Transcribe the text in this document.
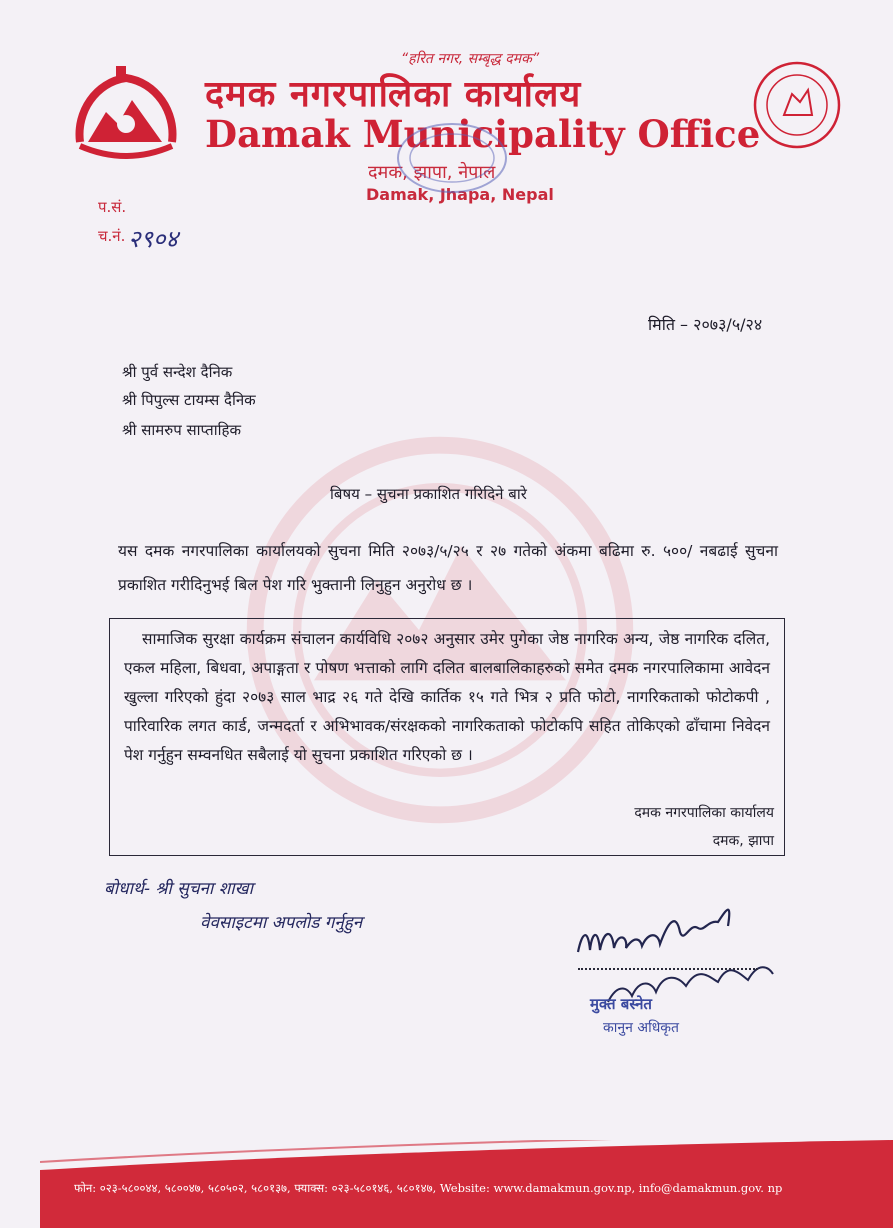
“हरित नगर, सम्बृद्ध दमक”
दमक नगरपालिका कार्यालय
Damak Municipality Office
दमक, झापा, नेपाल
Damak, Jhapa, Nepal
प.सं.
च.नं. २९०४
मिति – २०७३/५/२४
श्री पुर्व सन्देश दैनिक
श्री पिपुल्स टायम्स दैनिक
श्री सामरुप साप्ताहिक
बिषय – सुचना प्रकाशित गरिदिने बारे
यस दमक नगरपालिका कार्यालयको सुचना मिति २०७३/५/२५ र २७ गतेको अंकमा बढिमा रु. ५००/ नबढाई सुचना प्रकाशित गरीदिनुभई बिल पेश गरि भुक्तानी लिनुहुन अनुरोध छ ।
सामाजिक सुरक्षा कार्यक्रम संचालन कार्यविधि २०७२ अनुसार उमेर पुगेका जेष्ठ नागरिक अन्य, जेष्ठ नागरिक दलित, एकल महिला, बिधवा, अपाङ्गता र पोषण भत्ताको लागि दलित बालबालिकाहरुको समेत दमक नगरपालिकामा आवेदन खुल्ला गरिएको हुंदा २०७३ साल भाद्र २६ गते देखि कार्तिक १५ गते भित्र २ प्रति फोटो, नागरिकताको फोटोकपी , पारिवारिक लगत कार्ड, जन्मदर्ता र अभिभावक/संरक्षकको नागरिकताको फोटोकपि सहित तोकिएको ढाँचामा निवेदन पेश गर्नुहुन सम्वनधित सबैलाई यो सुचना प्रकाशित गरिएको छ ।
दमक नगरपालिका कार्यालय
दमक, झापा
बोधार्थ- श्री सुचना शाखा
वेवसाइटमा अपलोड गर्नुहुन
मुक्त बस्नेत
कानुन अधिकृत
फोन: ०२३-५८००४४, ५८००४७, ५८०५०२, ५८०१३७, फ्याक्स: ०२३-५८०१४६, ५८०१४७, Website: www.damakmun.gov.np, info@damakmun.gov. np
